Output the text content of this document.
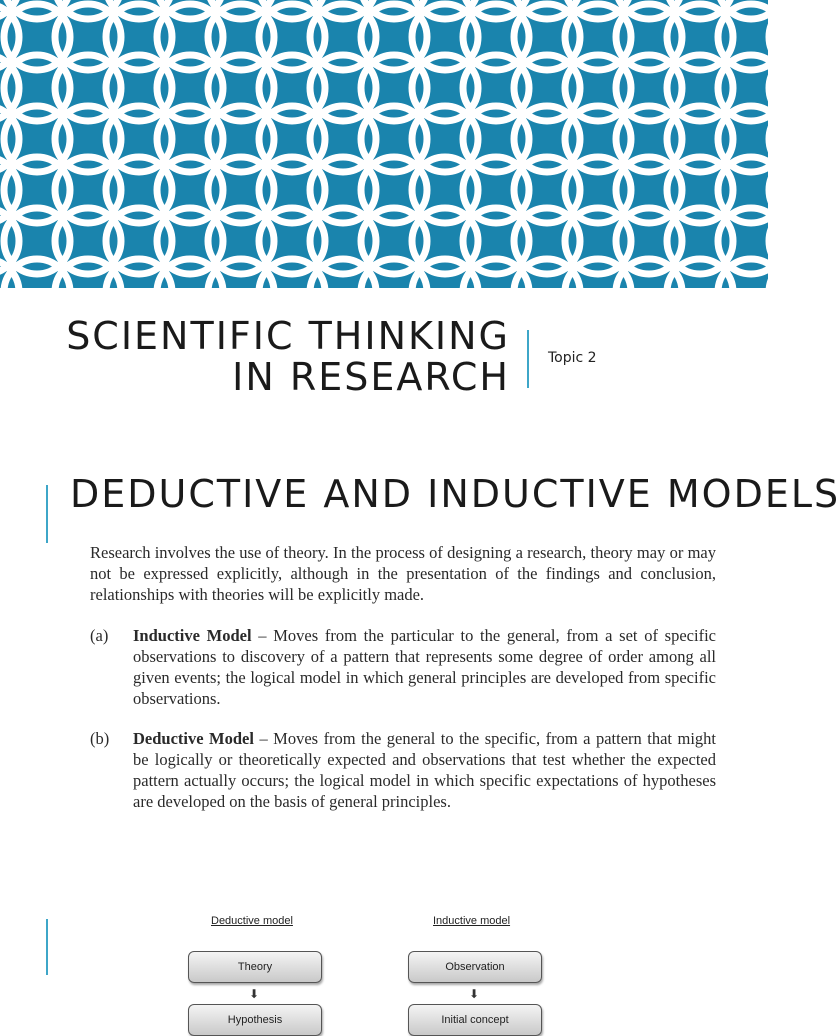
SCIENTIFIC THINKING
IN RESEARCH	Topic 2
DEDUCTIVE AND INDUCTIVE MODELS
Research involves the use of theory. In the process of designing a research, theory may or may not be expressed explicitly, although in the presentation of the findings and conclusion, relationships with theories will be explicitly made.
(a) Inductive Model – Moves from the particular to the general, from a set of specific observations to discovery of a pattern that represents some degree of order among all given events; the logical model in which general principles are developed from specific observations.
(b) Deductive Model – Moves from the general to the specific, from a pattern that might be logically or theoretically expected and observations that test whether the expected pattern actually occurs; the logical model in which specific expectations of hypotheses are developed on the basis of general principles.
Deductive model	Inductive model
Theory
⬇
Hypothesis
Observation
⬇
Initial concept
